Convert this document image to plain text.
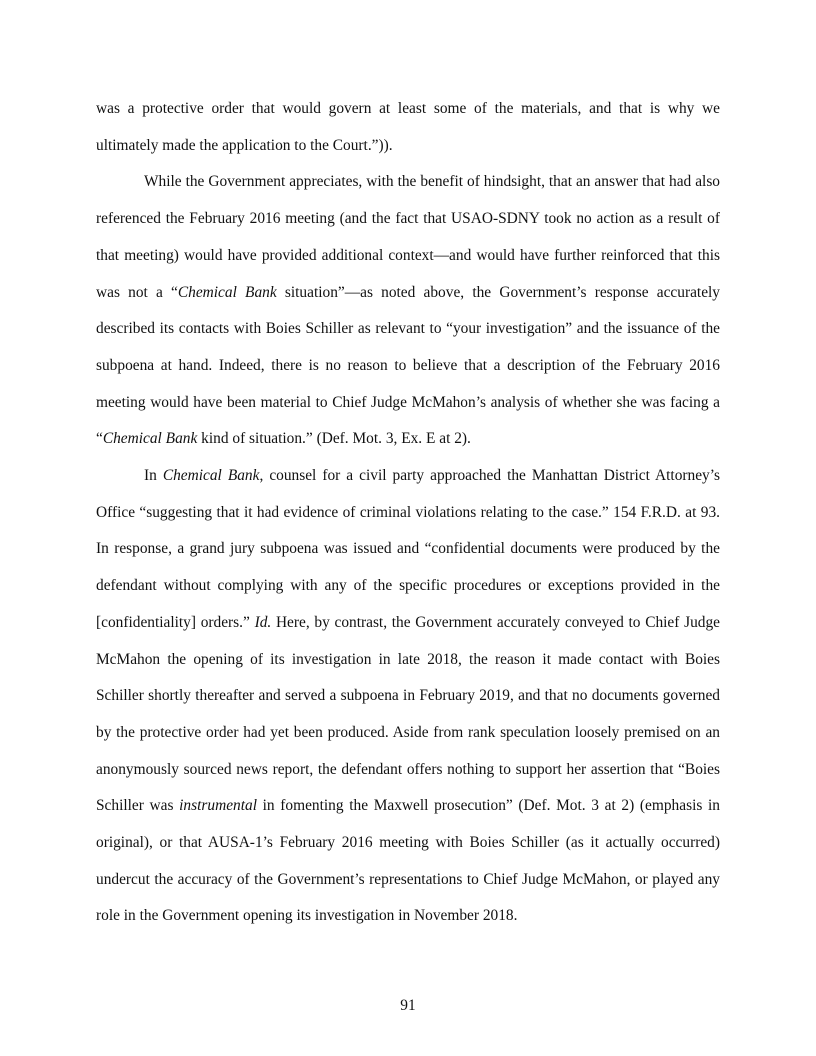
was a protective order that would govern at least some of the materials, and that is why we ultimately made the application to the Court.”)).

While the Government appreciates, with the benefit of hindsight, that an answer that had also referenced the February 2016 meeting (and the fact that USAO-SDNY took no action as a result of that meeting) would have provided additional context—and would have further reinforced that this was not a “Chemical Bank situation”—as noted above, the Government’s response accurately described its contacts with Boies Schiller as relevant to “your investigation” and the issuance of the subpoena at hand. Indeed, there is no reason to believe that a description of the February 2016 meeting would have been material to Chief Judge McMahon’s analysis of whether she was facing a “Chemical Bank kind of situation.” (Def. Mot. 3, Ex. E at 2).

In Chemical Bank, counsel for a civil party approached the Manhattan District Attorney’s Office “suggesting that it had evidence of criminal violations relating to the case.” 154 F.R.D. at 93. In response, a grand jury subpoena was issued and “confidential documents were produced by the defendant without complying with any of the specific procedures or exceptions provided in the [confidentiality] orders.” Id. Here, by contrast, the Government accurately conveyed to Chief Judge McMahon the opening of its investigation in late 2018, the reason it made contact with Boies Schiller shortly thereafter and served a subpoena in February 2019, and that no documents governed by the protective order had yet been produced. Aside from rank speculation loosely premised on an anonymously sourced news report, the defendant offers nothing to support her assertion that “Boies Schiller was instrumental in fomenting the Maxwell prosecution” (Def. Mot. 3 at 2) (emphasis in original), or that AUSA-1’s February 2016 meeting with Boies Schiller (as it actually occurred) undercut the accuracy of the Government’s representations to Chief Judge McMahon, or played any role in the Government opening its investigation in November 2018.

91
